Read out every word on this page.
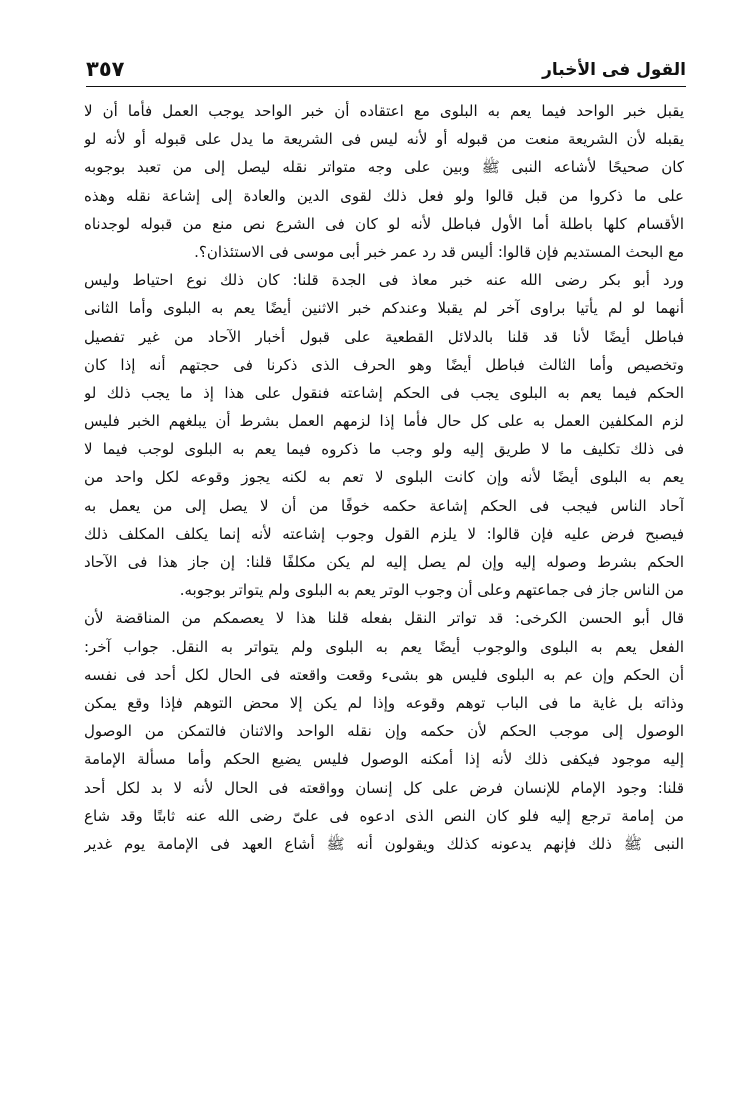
القول فى الأخبار
٣٥٧
يقبل خبر الواحد فيما يعم به البلوى مع اعتقاده أن خبر الواحد يوجب العمل فأما أن لا
يقبله لأن الشريعة منعت من قبوله أو لأنه ليس فى الشريعة ما يدل على قبوله أو لأنه لو
كان صحيحًا لأشاعه النبى ﷺ وبين على وجه متواتر نقله ليصل إلى من تعبد بوجوبه
على ما ذكروا من قبل قالوا ولو فعل ذلك لقوى الدين والعادة إلى إشاعة نقله وهذه
الأقسام كلها باطلة أما الأول فباطل لأنه لو كان فى الشرع نص منع من قبوله لوجدناه
مع البحث المستديم فإن قالوا: أليس قد رد عمر خبر أبى موسى فى الاستئذان؟.
ورد أبو بكر رضى الله عنه خبر معاذ فى الجدة قلنا: كان ذلك نوع احتياط وليس
أنهما لو لم يأتيا براوى آخر لم يقبلا وعندكم خبر الاثنين أيضًا يعم به البلوى وأما الثانى
فباطل أيضًا لأنا قد قلنا بالدلائل القطعية على قبول أخبار الآحاد من غير تفصيل
وتخصيص وأما الثالث فباطل أيضًا وهو الحرف الذى ذكرنا فى حجتهم أنه إذا كان
الحكم فيما يعم به البلوى يجب فى الحكم إشاعته فنقول على هذا إذ ما يجب ذلك لو
لزم المكلفين العمل به على كل حال فأما إذا لزمهم العمل بشرط أن يبلغهم الخبر فليس
فى ذلك تكليف ما لا طريق إليه ولو وجب ما ذكروه فيما يعم به البلوى لوجب فيما لا
يعم به البلوى أيضًا لأنه وإن كانت البلوى لا تعم به لكنه يجوز وقوعه لكل واحد من
آحاد الناس فيجب فى الحكم إشاعة حكمه خوفًا من أن لا يصل إلى من يعمل به
فيصبح فرض عليه فإن قالوا: لا يلزم القول وجوب إشاعته لأنه إنما يكلف المكلف ذلك
الحكم بشرط وصوله إليه وإن لم يصل إليه لم يكن مكلفًا قلنا: إن جاز هذا فى الآحاد
من الناس جاز فى جماعتهم وعلى أن وجوب الوتر يعم به البلوى ولم يتواتر بوجوبه.
قال أبو الحسن الكرخى: قد تواتر النقل بفعله قلنا هذا لا يعصمكم من المناقضة لأن
الفعل يعم به البلوى والوجوب أيضًا يعم به البلوى ولم يتواتر به النقل. جواب آخر:
أن الحكم وإن عم به البلوى فليس هو بشىء وقعت واقعته فى الحال لكل أحد فى نفسه
وذاته بل غاية ما فى الباب توهم وقوعه وإذا لم يكن إلا محض التوهم فإذا وقع يمكن
الوصول إلى موجب الحكم لأن حكمه وإن نقله الواحد والاثنان فالتمكن من الوصول
إليه موجود فيكفى ذلك لأنه إذا أمكنه الوصول فليس يضيع الحكم وأما مسألة الإمامة
قلنا: وجود الإمام للإنسان فرض على كل إنسان وواقعته فى الحال لأنه لا بد لكل أحد
من إمامة ترجع إليه فلو كان النص الذى ادعوه فى علىّ رضى الله عنه ثابتًا وقد شاع
النبى ﷺ ذلك فإنهم يدعونه كذلك ويقولون أنه ﷺ أشاع العهد فى الإمامة يوم غدير
